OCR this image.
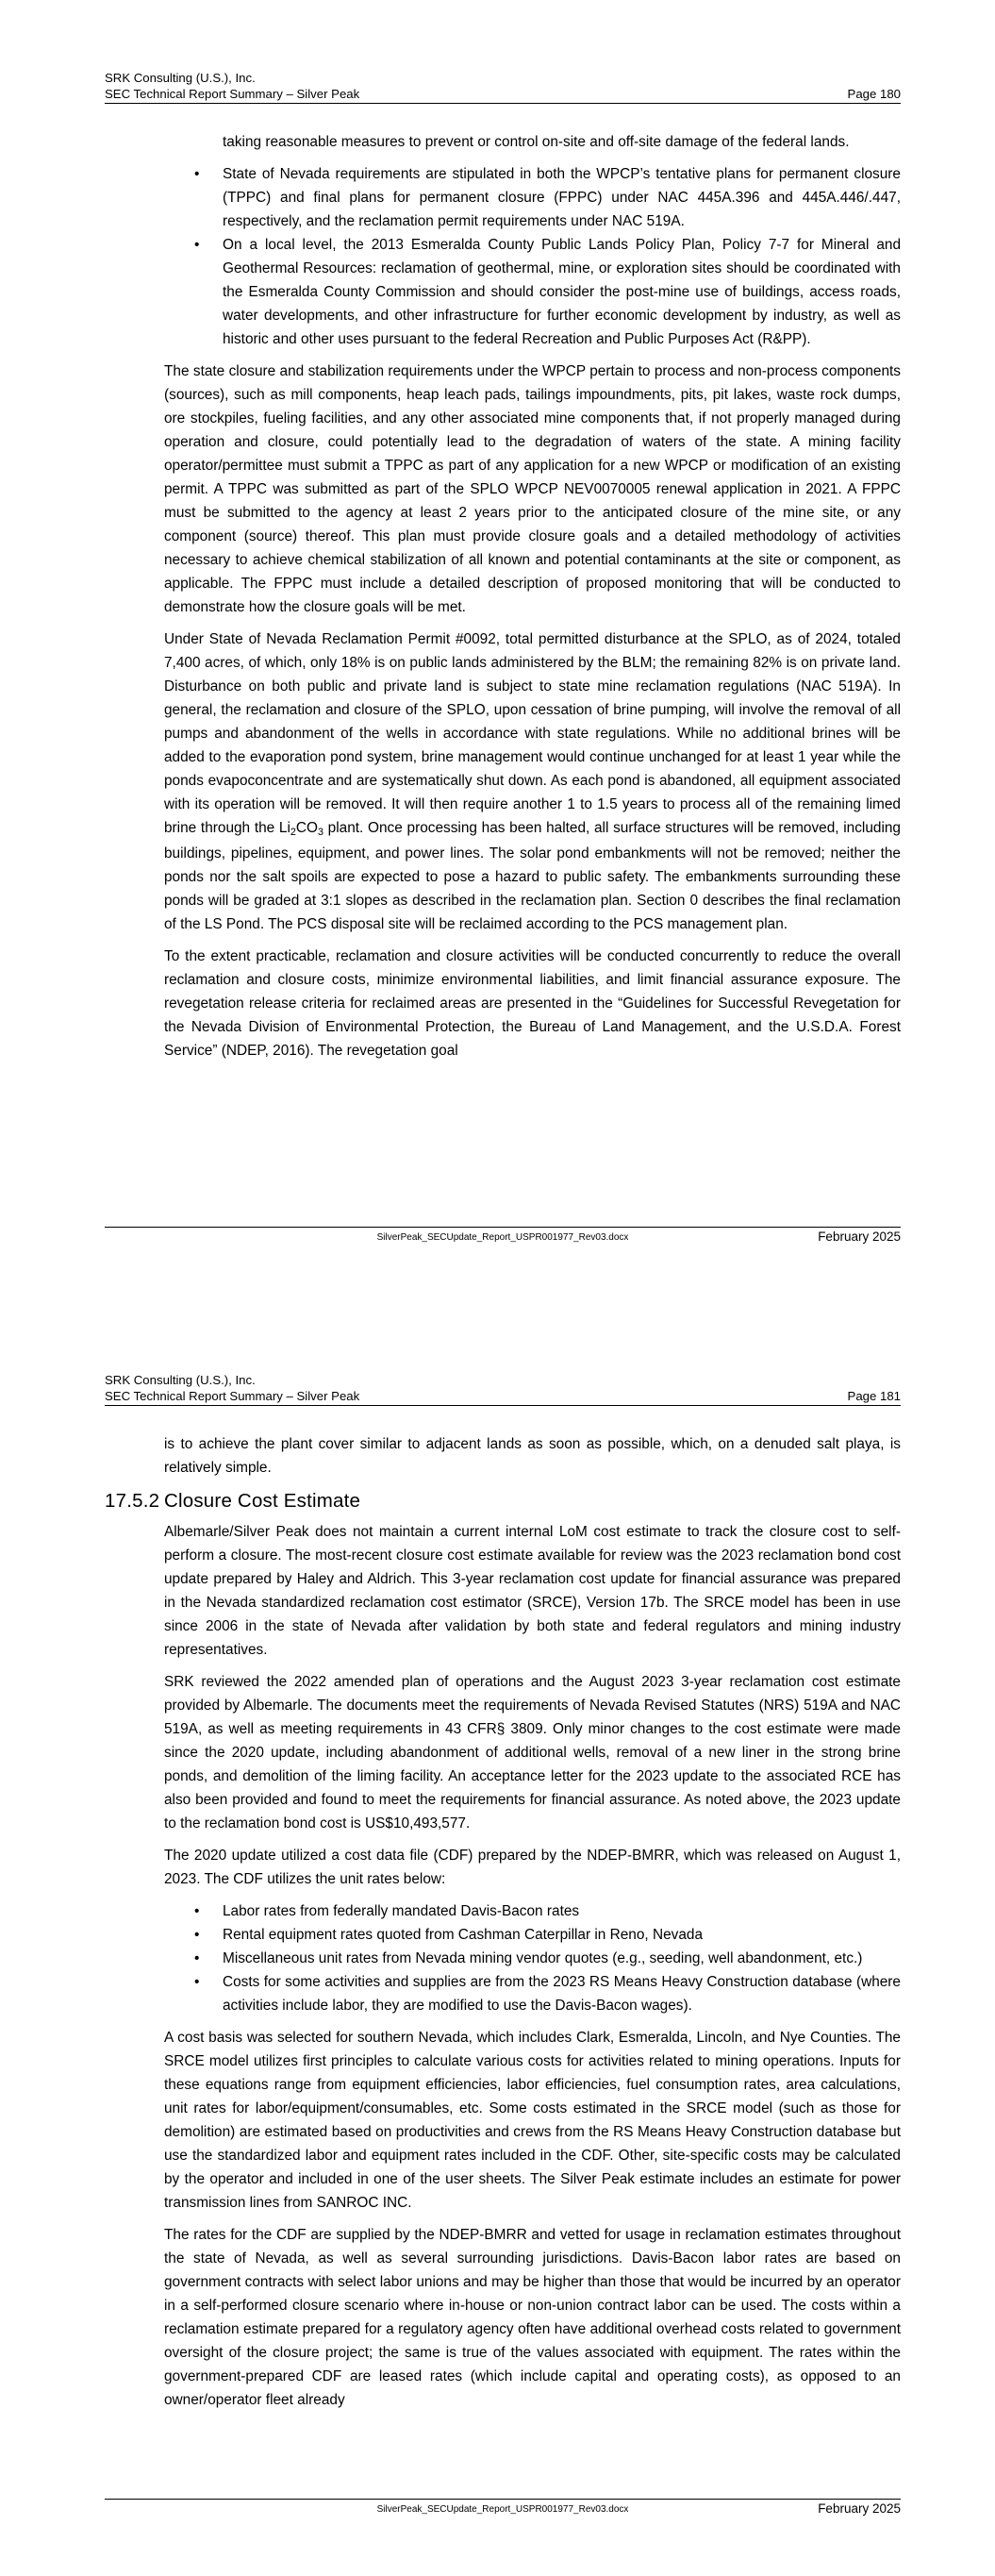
SRK Consulting (U.S.), Inc.
SEC Technical Report Summary – Silver Peak	Page 180
taking reasonable measures to prevent or control on-site and off-site damage of the federal lands.
• State of Nevada requirements are stipulated in both the WPCP’s tentative plans for permanent closure (TPPC) and final plans for permanent closure (FPPC) under NAC 445A.396 and 445A.446/.447, respectively, and the reclamation permit requirements under NAC 519A.
• On a local level, the 2013 Esmeralda County Public Lands Policy Plan, Policy 7-7 for Mineral and Geothermal Resources: reclamation of geothermal, mine, or exploration sites should be coordinated with the Esmeralda County Commission and should consider the post-mine use of buildings, access roads, water developments, and other infrastructure for further economic development by industry, as well as historic and other uses pursuant to the federal Recreation and Public Purposes Act (R&PP).

The state closure and stabilization requirements under the WPCP pertain to process and non-process components (sources), such as mill components, heap leach pads, tailings impoundments, pits, pit lakes, waste rock dumps, ore stockpiles, fueling facilities, and any other associated mine components that, if not properly managed during operation and closure, could potentially lead to the degradation of waters of the state. A mining facility operator/permittee must submit a TPPC as part of any application for a new WPCP or modification of an existing permit. A TPPC was submitted as part of the SPLO WPCP NEV0070005 renewal application in 2021. A FPPC must be submitted to the agency at least 2 years prior to the anticipated closure of the mine site, or any component (source) thereof. This plan must provide closure goals and a detailed methodology of activities necessary to achieve chemical stabilization of all known and potential contaminants at the site or component, as applicable. The FPPC must include a detailed description of proposed monitoring that will be conducted to demonstrate how the closure goals will be met.

Under State of Nevada Reclamation Permit #0092, total permitted disturbance at the SPLO, as of 2024, totaled 7,400 acres, of which, only 18% is on public lands administered by the BLM; the remaining 82% is on private land. Disturbance on both public and private land is subject to state mine reclamation regulations (NAC 519A). In general, the reclamation and closure of the SPLO, upon cessation of brine pumping, will involve the removal of all pumps and abandonment of the wells in accordance with state regulations. While no additional brines will be added to the evaporation pond system, brine management would continue unchanged for at least 1 year while the ponds evapoconcentrate and are systematically shut down. As each pond is abandoned, all equipment associated with its operation will be removed. It will then require another 1 to 1.5 years to process all of the remaining limed brine through the $Li_2CO_3$ plant. Once processing has been halted, all surface structures will be removed, including buildings, pipelines, equipment, and power lines. The solar pond embankments will not be removed; neither the ponds nor the salt spoils are expected to pose a hazard to public safety. The embankments surrounding these ponds will be graded at 3:1 slopes as described in the reclamation plan. Section 0 describes the final reclamation of the LS Pond. The PCS disposal site will be reclaimed according to the PCS management plan.

To the extent practicable, reclamation and closure activities will be conducted concurrently to reduce the overall reclamation and closure costs, minimize environmental liabilities, and limit financial assurance exposure. The revegetation release criteria for reclaimed areas are presented in the “Guidelines for Successful Revegetation for the Nevada Division of Environmental Protection, the Bureau of Land Management, and the U.S.D.A. Forest Service” (NDEP, 2016). The revegetation goal

SilverPeak_SECUpdate_Report_USPR001977_Rev03.docx	February 2025
SRK Consulting (U.S.), Inc.
SEC Technical Report Summary – Silver Peak	Page 181

is to achieve the plant cover similar to adjacent lands as soon as possible, which, on a denuded salt playa, is relatively simple.

17.5.2 Closure Cost Estimate

Albemarle/Silver Peak does not maintain a current internal LoM cost estimate to track the closure cost to self-perform a closure. The most-recent closure cost estimate available for review was the 2023 reclamation bond cost update prepared by Haley and Aldrich. This 3-year reclamation cost update for financial assurance was prepared in the Nevada standardized reclamation cost estimator (SRCE), Version 17b. The SRCE model has been in use since 2006 in the state of Nevada after validation by both state and federal regulators and mining industry representatives.

SRK reviewed the 2022 amended plan of operations and the August 2023 3-year reclamation cost estimate provided by Albemarle. The documents meet the requirements of Nevada Revised Statutes (NRS) 519A and NAC 519A, as well as meeting requirements in 43 CFR§ 3809. Only minor changes to the cost estimate were made since the 2020 update, including abandonment of additional wells, removal of a new liner in the strong brine ponds, and demolition of the liming facility. An acceptance letter for the 2023 update to the associated RCE has also been provided and found to meet the requirements for financial assurance. As noted above, the 2023 update to the reclamation bond cost is US$10,493,577.

The 2020 update utilized a cost data file (CDF) prepared by the NDEP-BMRR, which was released on August 1, 2023. The CDF utilizes the unit rates below:

• Labor rates from federally mandated Davis-Bacon rates
• Rental equipment rates quoted from Cashman Caterpillar in Reno, Nevada
• Miscellaneous unit rates from Nevada mining vendor quotes (e.g., seeding, well abandonment, etc.)
• Costs for some activities and supplies are from the 2023 RS Means Heavy Construction database (where activities include labor, they are modified to use the Davis-Bacon wages).

A cost basis was selected for southern Nevada, which includes Clark, Esmeralda, Lincoln, and Nye Counties. The SRCE model utilizes first principles to calculate various costs for activities related to mining operations. Inputs for these equations range from equipment efficiencies, labor efficiencies, fuel consumption rates, area calculations, unit rates for labor/equipment/consumables, etc. Some costs estimated in the SRCE model (such as those for demolition) are estimated based on productivities and crews from the RS Means Heavy Construction database but use the standardized labor and equipment rates included in the CDF. Other, site-specific costs may be calculated by the operator and included in one of the user sheets. The Silver Peak estimate includes an estimate for power transmission lines from SANROC INC.

The rates for the CDF are supplied by the NDEP-BMRR and vetted for usage in reclamation estimates throughout the state of Nevada, as well as several surrounding jurisdictions. Davis-Bacon labor rates are based on government contracts with select labor unions and may be higher than those that would be incurred by an operator in a self-performed closure scenario where in-house or non-union contract labor can be used. The costs within a reclamation estimate prepared for a regulatory agency often have additional overhead costs related to government oversight of the closure project; the same is true of the values associated with equipment. The rates within the government-prepared CDF are leased rates (which include capital and operating costs), as opposed to an owner/operator fleet already

SilverPeak_SECUpdate_Report_USPR001977_Rev03.docx	February 2025
